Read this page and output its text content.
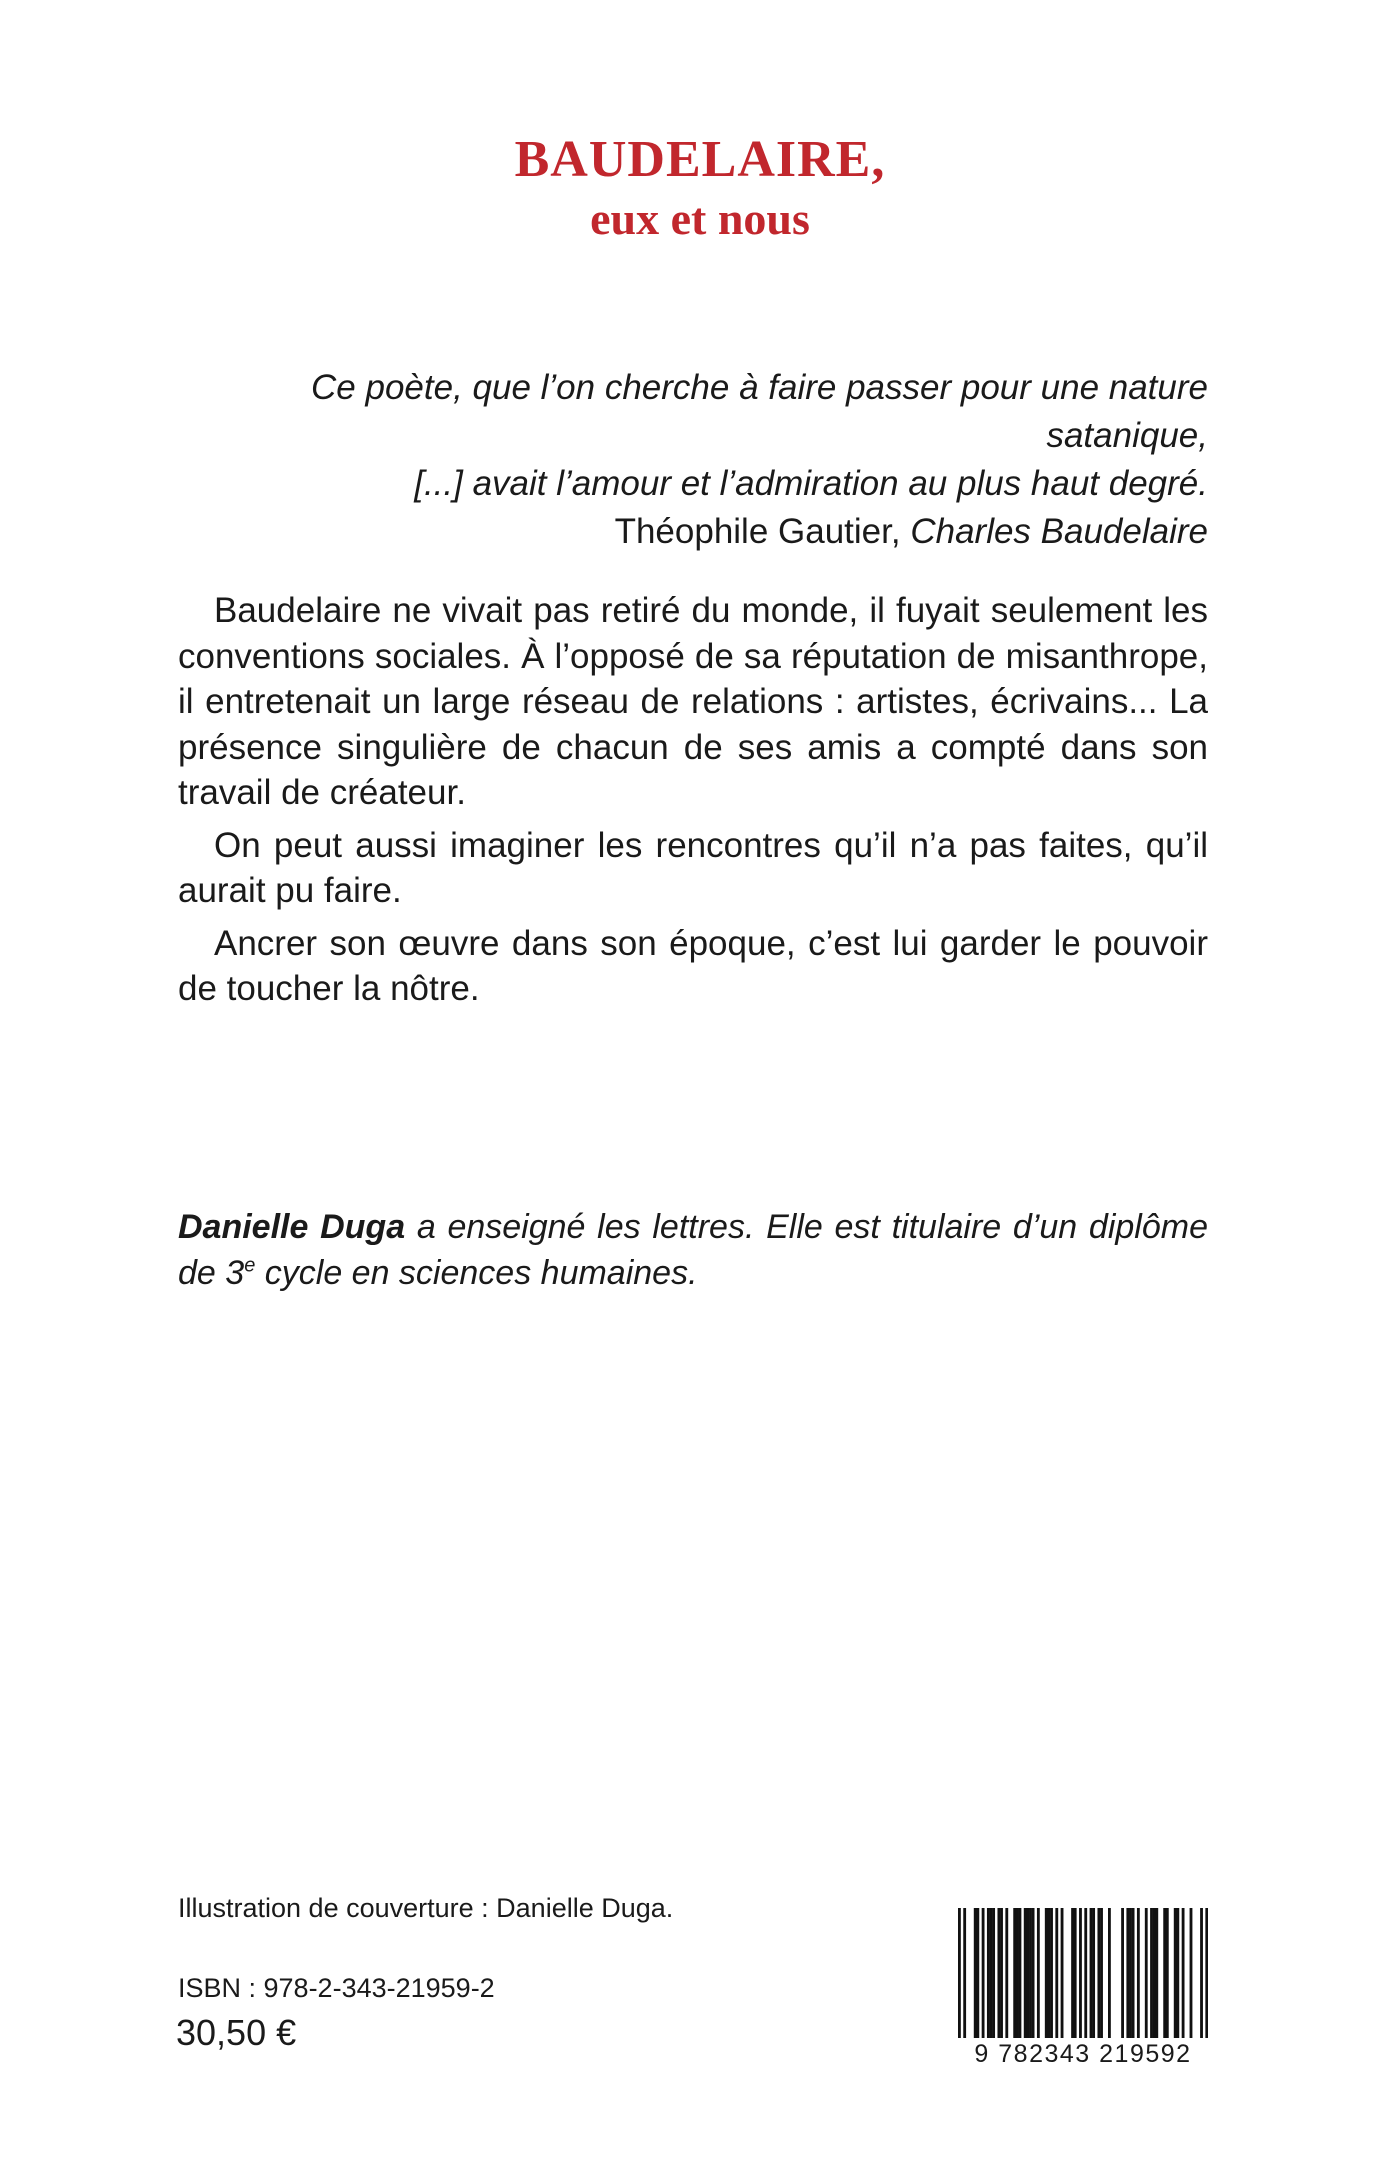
BAUDELAIRE,
eux et nous
Ce poète, que l’on cherche à faire passer pour une nature satanique,
[...] avait l’amour et l’admiration au plus haut degré.
Théophile Gautier, Charles Baudelaire

Baudelaire ne vivait pas retiré du monde, il fuyait seulement les conventions sociales. À l’opposé de sa réputation de misanthrope, il entretenait un large réseau de relations : artistes, écrivains... La présence singulière de chacun de ses amis a compté dans son travail de créateur.

On peut aussi imaginer les rencontres qu’il n’a pas faites, qu’il aurait pu faire.

Ancrer son œuvre dans son époque, c’est lui garder le pouvoir de toucher la nôtre.

Danielle Duga a enseigné les lettres. Elle est titulaire d’un diplôme de 3e cycle en sciences humaines.
Illustration de couverture : Danielle Duga.
ISBN : 978-2-343-21959-2
30,50 €
9 782343 219592
